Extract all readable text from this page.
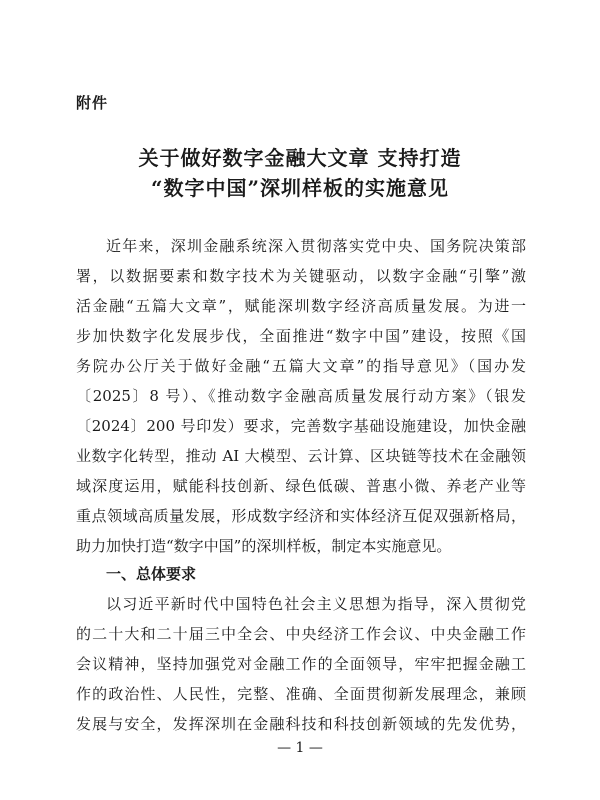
附件
关于做好数字金融大文章 支持打造
“数字中国”深圳样板的实施意见
近年来，深圳金融系统深入贯彻落实党中央、国务院决策部
署，以数据要素和数字技术为关键驱动，以数字金融“引擎”激
活金融“五篇大文章”，赋能深圳数字经济高质量发展。为进一
步加快数字化发展步伐，全面推进“数字中国”建设，按照《国
务院办公厅关于做好金融“五篇大文章”的指导意见》（国办发
〔2025〕8 号）、《推动数字金融高质量发展行动方案》（银发
〔2024〕200 号印发）要求，完善数字基础设施建设，加快金融
业数字化转型，推动 AI 大模型、云计算、区块链等技术在金融领
域深度运用，赋能科技创新、绿色低碳、普惠小微、养老产业等
重点领域高质量发展，形成数字经济和实体经济互促双强新格局，
助力加快打造“数字中国”的深圳样板，制定本实施意见。
一、总体要求
以习近平新时代中国特色社会主义思想为指导，深入贯彻党
的二十大和二十届三中全会、中央经济工作会议、中央金融工作
会议精神，坚持加强党对金融工作的全面领导，牢牢把握金融工
作的政治性、人民性，完整、准确、全面贯彻新发展理念，兼顾
发展与安全，发挥深圳在金融科技和科技创新领域的先发优势，
— 1 —
